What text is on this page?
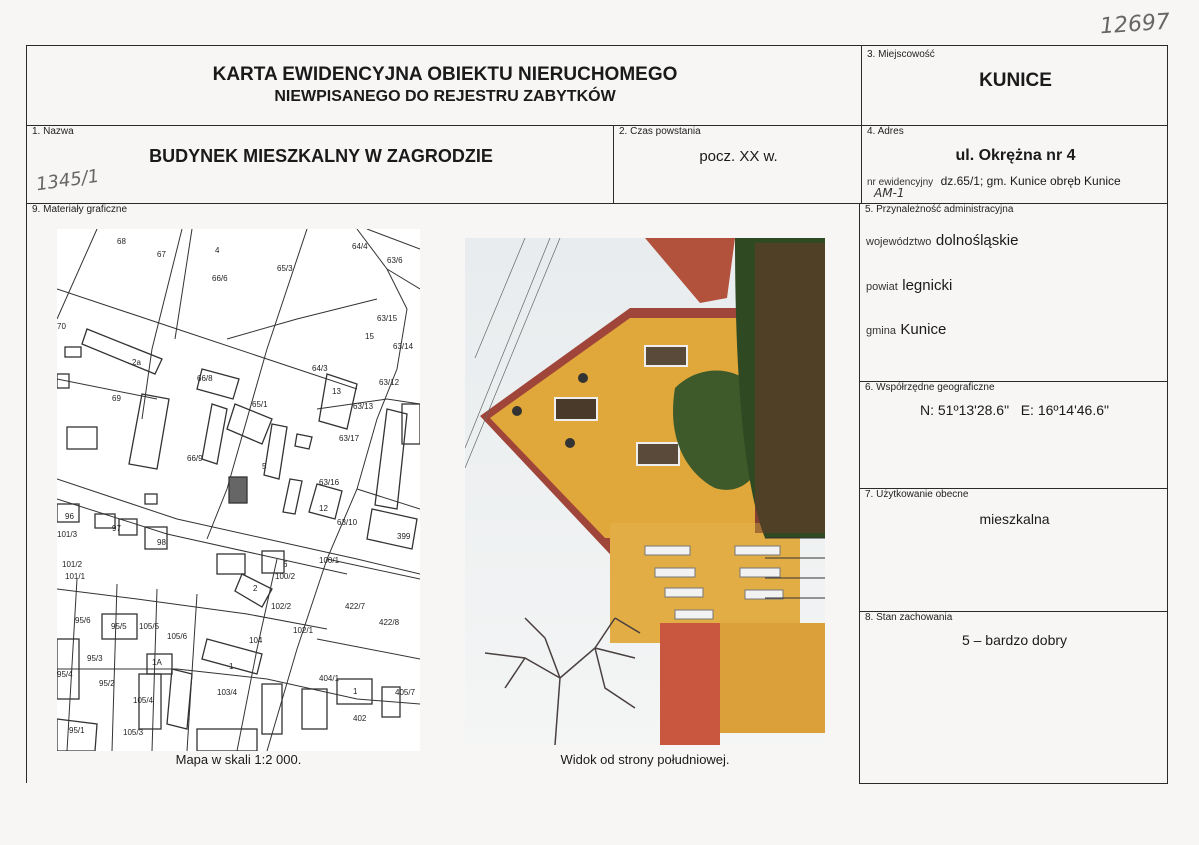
12697
1345/1
KARTA EWIDENCYJNA OBIEKTU NIERUCHOMEGO
NIEWPISANEGO DO REJESTRU ZABYTKÓW
3. Miejscowość
KUNICE
1. Nazwa
BUDYNEK MIESZKALNY W ZAGRODZIE
2. Czas powstania
pocz. XX w.
4. Adres
ul. Okrężna nr 4
nr ewidencyjny dz.65/1; gm. Kunice obręb Kunice
AM-1
9. Materiały graficzne
68
67	4
66/6
65/3
64/4
63/6
63/15
15
63/14
70
2a
66/8
64/3
13
63/12
69
65/1	63/13
63/17
66/9
5
63/16
12
96
97
98
101/3	399
63/10
101/2
101/1
6
100/2
100/1
2
102/2	422/7
422/8
95/6
95/5 105/5
105/6	104
102/1
95/3	1A
95/4
95/2
1
103/4
404/1
1	405/7
105/4
402
95/1	105/3
Mapa w skali 1:2 000.	Widok od strony południowej.
5. Przynależność administracyjna
województwo dolnośląskie
powiat legnicki
gmina Kunice
6. Współrzędne geograficzne
N: 51º13'28.6"   E: 16º14'46.6"
7. Użytkowanie obecne
mieszkalna
8. Stan zachowania
5 – bardzo dobry
